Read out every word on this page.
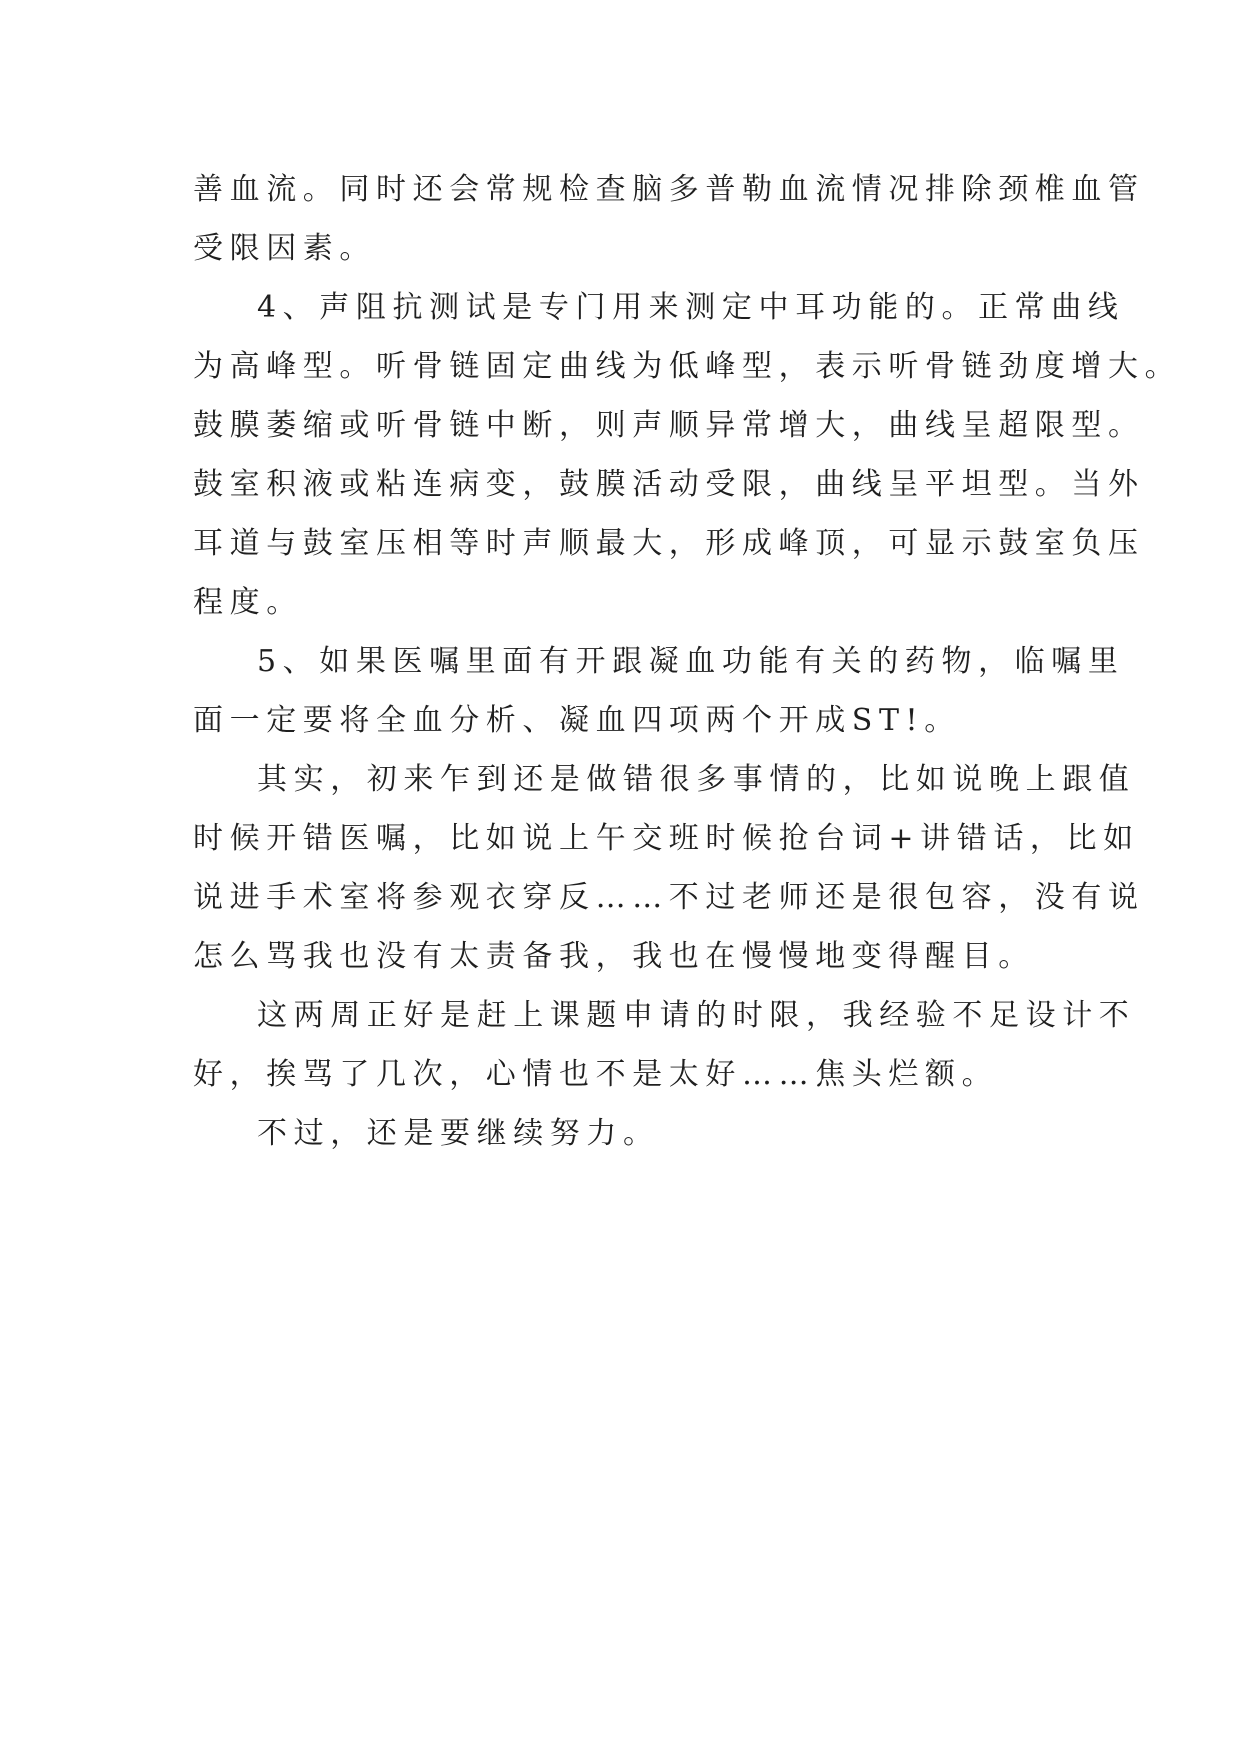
善血流。同时还会常规检查脑多普勒血流情况排除颈椎血管
受限因素。
4、声阻抗测试是专门用来测定中耳功能的。正常曲线
为高峰型。听骨链固定曲线为低峰型，表示听骨链劲度增大。
鼓膜萎缩或听骨链中断，则声顺异常增大，曲线呈超限型。
鼓室积液或粘连病变，鼓膜活动受限，曲线呈平坦型。当外
耳道与鼓室压相等时声顺最大，形成峰顶，可显示鼓室负压
程度。
5、如果医嘱里面有开跟凝血功能有关的药物，临嘱里
面一定要将全血分析、凝血四项两个开成ST!。
其实，初来乍到还是做错很多事情的，比如说晚上跟值
时候开错医嘱，比如说上午交班时候抢台词+讲错话，比如
说进手术室将参观衣穿反……不过老师还是很包容，没有说
怎么骂我也没有太责备我，我也在慢慢地变得醒目。
这两周正好是赶上课题申请的时限，我经验不足设计不
好，挨骂了几次，心情也不是太好……焦头烂额。
不过，还是要继续努力。
